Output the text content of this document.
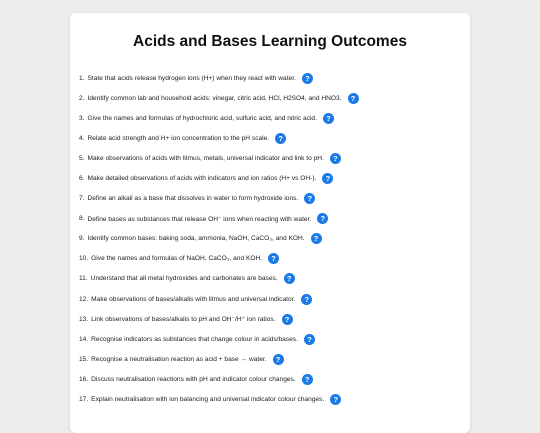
Acids and Bases Learning Outcomes
1. State that acids release hydrogen ions (H+) when they react with water.	?
2. Identify common lab and household acids: vinegar, citric acid, HCl, H2SO4, and HNO3.	?
3. Give the names and formulas of hydrochloric acid, sulfuric acid, and nitric acid.	?
4. Relate acid strength and H+ ion concentration to the pH scale.	?
5. Make observations of acids with litmus, metals, universal indicator and link to pH.	?
6. Make detailed observations of acids with indicators and ion ratios (H+ vs OH-).	?
7. Define an alkali as a base that dissolves in water to form hydroxide ions.	?
8. Define bases as substances that release OH⁻ ions when reacting with water.	?
9. Identify common bases: baking soda, ammonia, NaOH, CaCO₃, and KOH.	?
10. Give the names and formulas of NaOH, CaCO₃, and KOH.	?
11. Understand that all metal hydroxides and carbonates are bases.	?
12. Make observations of bases/alkalis with litmus and universal indicator.	?
13. Link observations of bases/alkalis to pH and OH⁻/H⁺ ion ratios.	?
14. Recognise indicators as substances that change colour in acids/bases.	?
15. Recognise a neutralisation reaction as acid + base → water.	?
16. Discuss neutralisation reactions with pH and indicator colour changes.	?
17. Explain neutralisation with ion balancing and universal indicator colour changes.	?
